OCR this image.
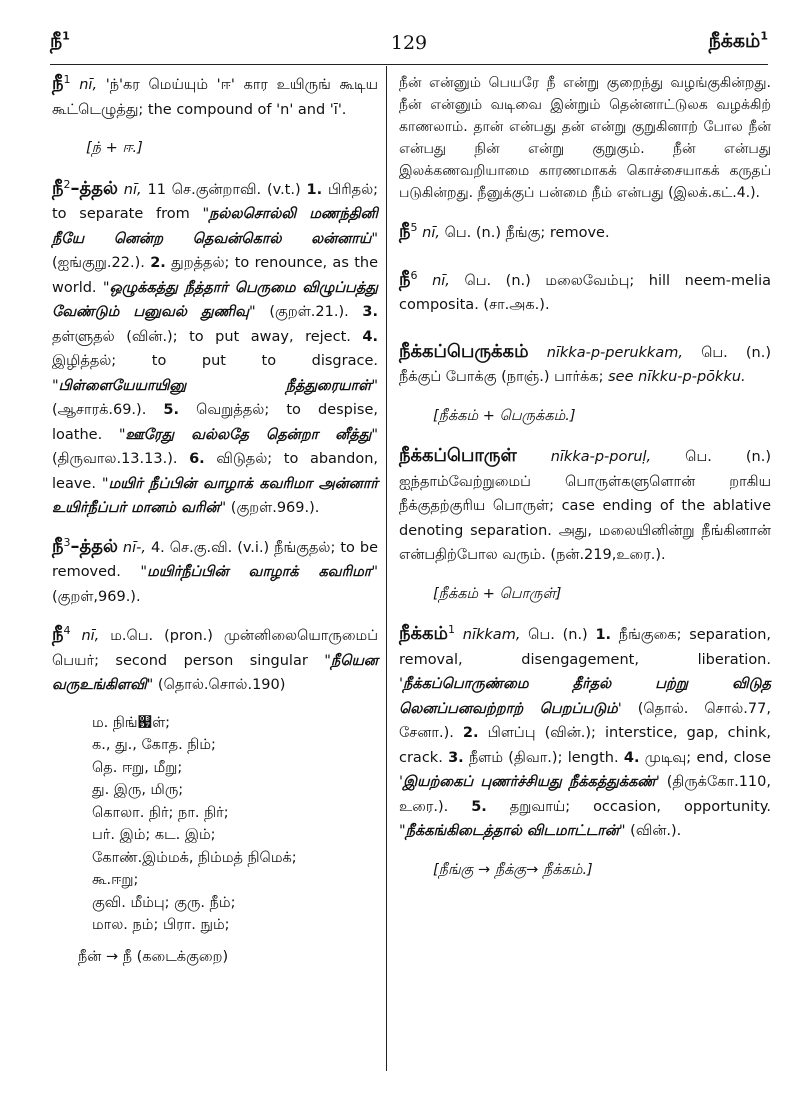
நீ$^1$	129	நீக்கம்$^1$
நீ$^1$ nī, 'ந்'கர மெய்யும் 'ஈ' கார உயிருங் கூடிய கூட்டெழுத்து; the compound of 'n' and 'ī'.
[ந் + ஈ.]
நீ$^2$–த்தல் nī, 11 செ.குன்றாவி. (v.t.) 1. பிரிதல்; to separate from "நல்லசொல்லி மணந்தினி நீயே னென்ற தெவன்கொல் லன்னாய்" (ஐங்குறு.22.). 2. துறத்தல்; to renounce, as the world. "ஒழுக்கத்து நீத்தார் பெருமை விழுப்பத்து வேண்டும் பனுவல் துணிவு" (குறள்.21.). 3. தள்ளுதல் (வின்.); to put away, reject. 4. இழித்தல்; to put to disgrace. "பிள்ளையேயாயினு நீத்துரையாள்" (ஆசாரக்.69.). 5. வெறுத்தல்; to despise, loathe. "ஊரேது வல்லதே தென்றா னீத்து" (திருவால.13.13.). 6. விடுதல்; to abandon, leave. "மயிர் நீப்பின் வாழாக் கவரிமா அன்னார் உயிர்நீப்பர் மானம் வரின்" (குறள்.969.).
நீ$^3$–த்தல் nī-, 4. செ.கு.வி. (v.i.) நீங்குதல்; to be removed. "மயிர்நீப்பின் வாழாக் கவரிமா" (குறள்,969.).
நீ$^4$ nī, ம.பெ. (pron.) முன்னிலையொருமைப் பெயர்; second person singular "நீயென வருஉங்கிளவி" (தொல்.சொல்.190)
ம. நிங்஗ள்;
க., து., கோத. நிம்;
தெ. ஈறு, மீறு;
து. இரு, மிரு;
கொலா. நிர்; நா. நிர்;
பர். இம்; கட. இம்;
கோண்.இம்மக், நிம்மத் நிமெக்;
கூ.ஈறு;
குவி. மீம்பு; குரு. நீம்;
மால. நம்; பிரா. நும்;
நீன் → நீ (கடைக்குறை)
நீன் என்னும் பெயரே நீ என்று குறைந்து வழங்குகின்றது. நீன் என்னும் வடிவை இன்றும் தென்னாட்டுலக வழக்கிற் காணலாம். தான் என்பது தன் என்று குறுகினாற் போல நீன் என்பது நின் என்று குறுகும். நீன் என்பது இலக்கணவறியாமை காரணமாகக் கொச்சையாகக் கருதப் படுகின்றது. நீனுக்குப் பன்மை நீம் என்பது (இலக்.கட்.4.).
நீ$^5$ nī, பெ. (n.) நீங்கு; remove.
நீ$^6$ nī, பெ. (n.) மலைவேம்பு; hill neem-melia composita. (சா.அக.).
நீக்கப்பெருக்கம் nīkka-p-perukkam, பெ. (n.) நீக்குப் போக்கு (நாஞ்.) பார்க்க; see nīkku-p-pōkku.
[நீக்கம் + பெருக்கம்.]
நீக்கப்பொருள் nīkka-p-poruḷ, பெ. (n.) ஐந்தாம்வேற்றுமைப் பொருள்களுளொன் றாகிய நீக்குதற்குரிய பொருள்; case ending of the ablative denoting separation. அது, மலையினின்று நீங்கினான் என்பதிற்போல வரும். (நன்.219,உரை.).
[நீக்கம் + பொருள்]
நீக்கம்$^1$ nīkkam, பெ. (n.) 1. நீங்குகை; separation, removal, disengagement, liberation. 'நீக்கப்பொருண்மை தீர்தல் பற்று விடுத லெனப்பனவற்றாற் பெறப்படும்' (தொல். சொல்.77, சேனா.). 2. பிளப்பு (வின்.); interstice, gap, chink, crack. 3. நீளம் (திவா.); length. 4. முடிவு; end, close 'இயற்கைப் புணர்ச்சியது நீக்கத்துக்கண்' (திருக்கோ.110, உரை.). 5. தறுவாய்; occasion, opportunity. "நீக்கங்கிடைத்தால் விடமாட்டான்" (வின்.).
[நீங்கு → நீக்கு→ நீக்கம்.]
